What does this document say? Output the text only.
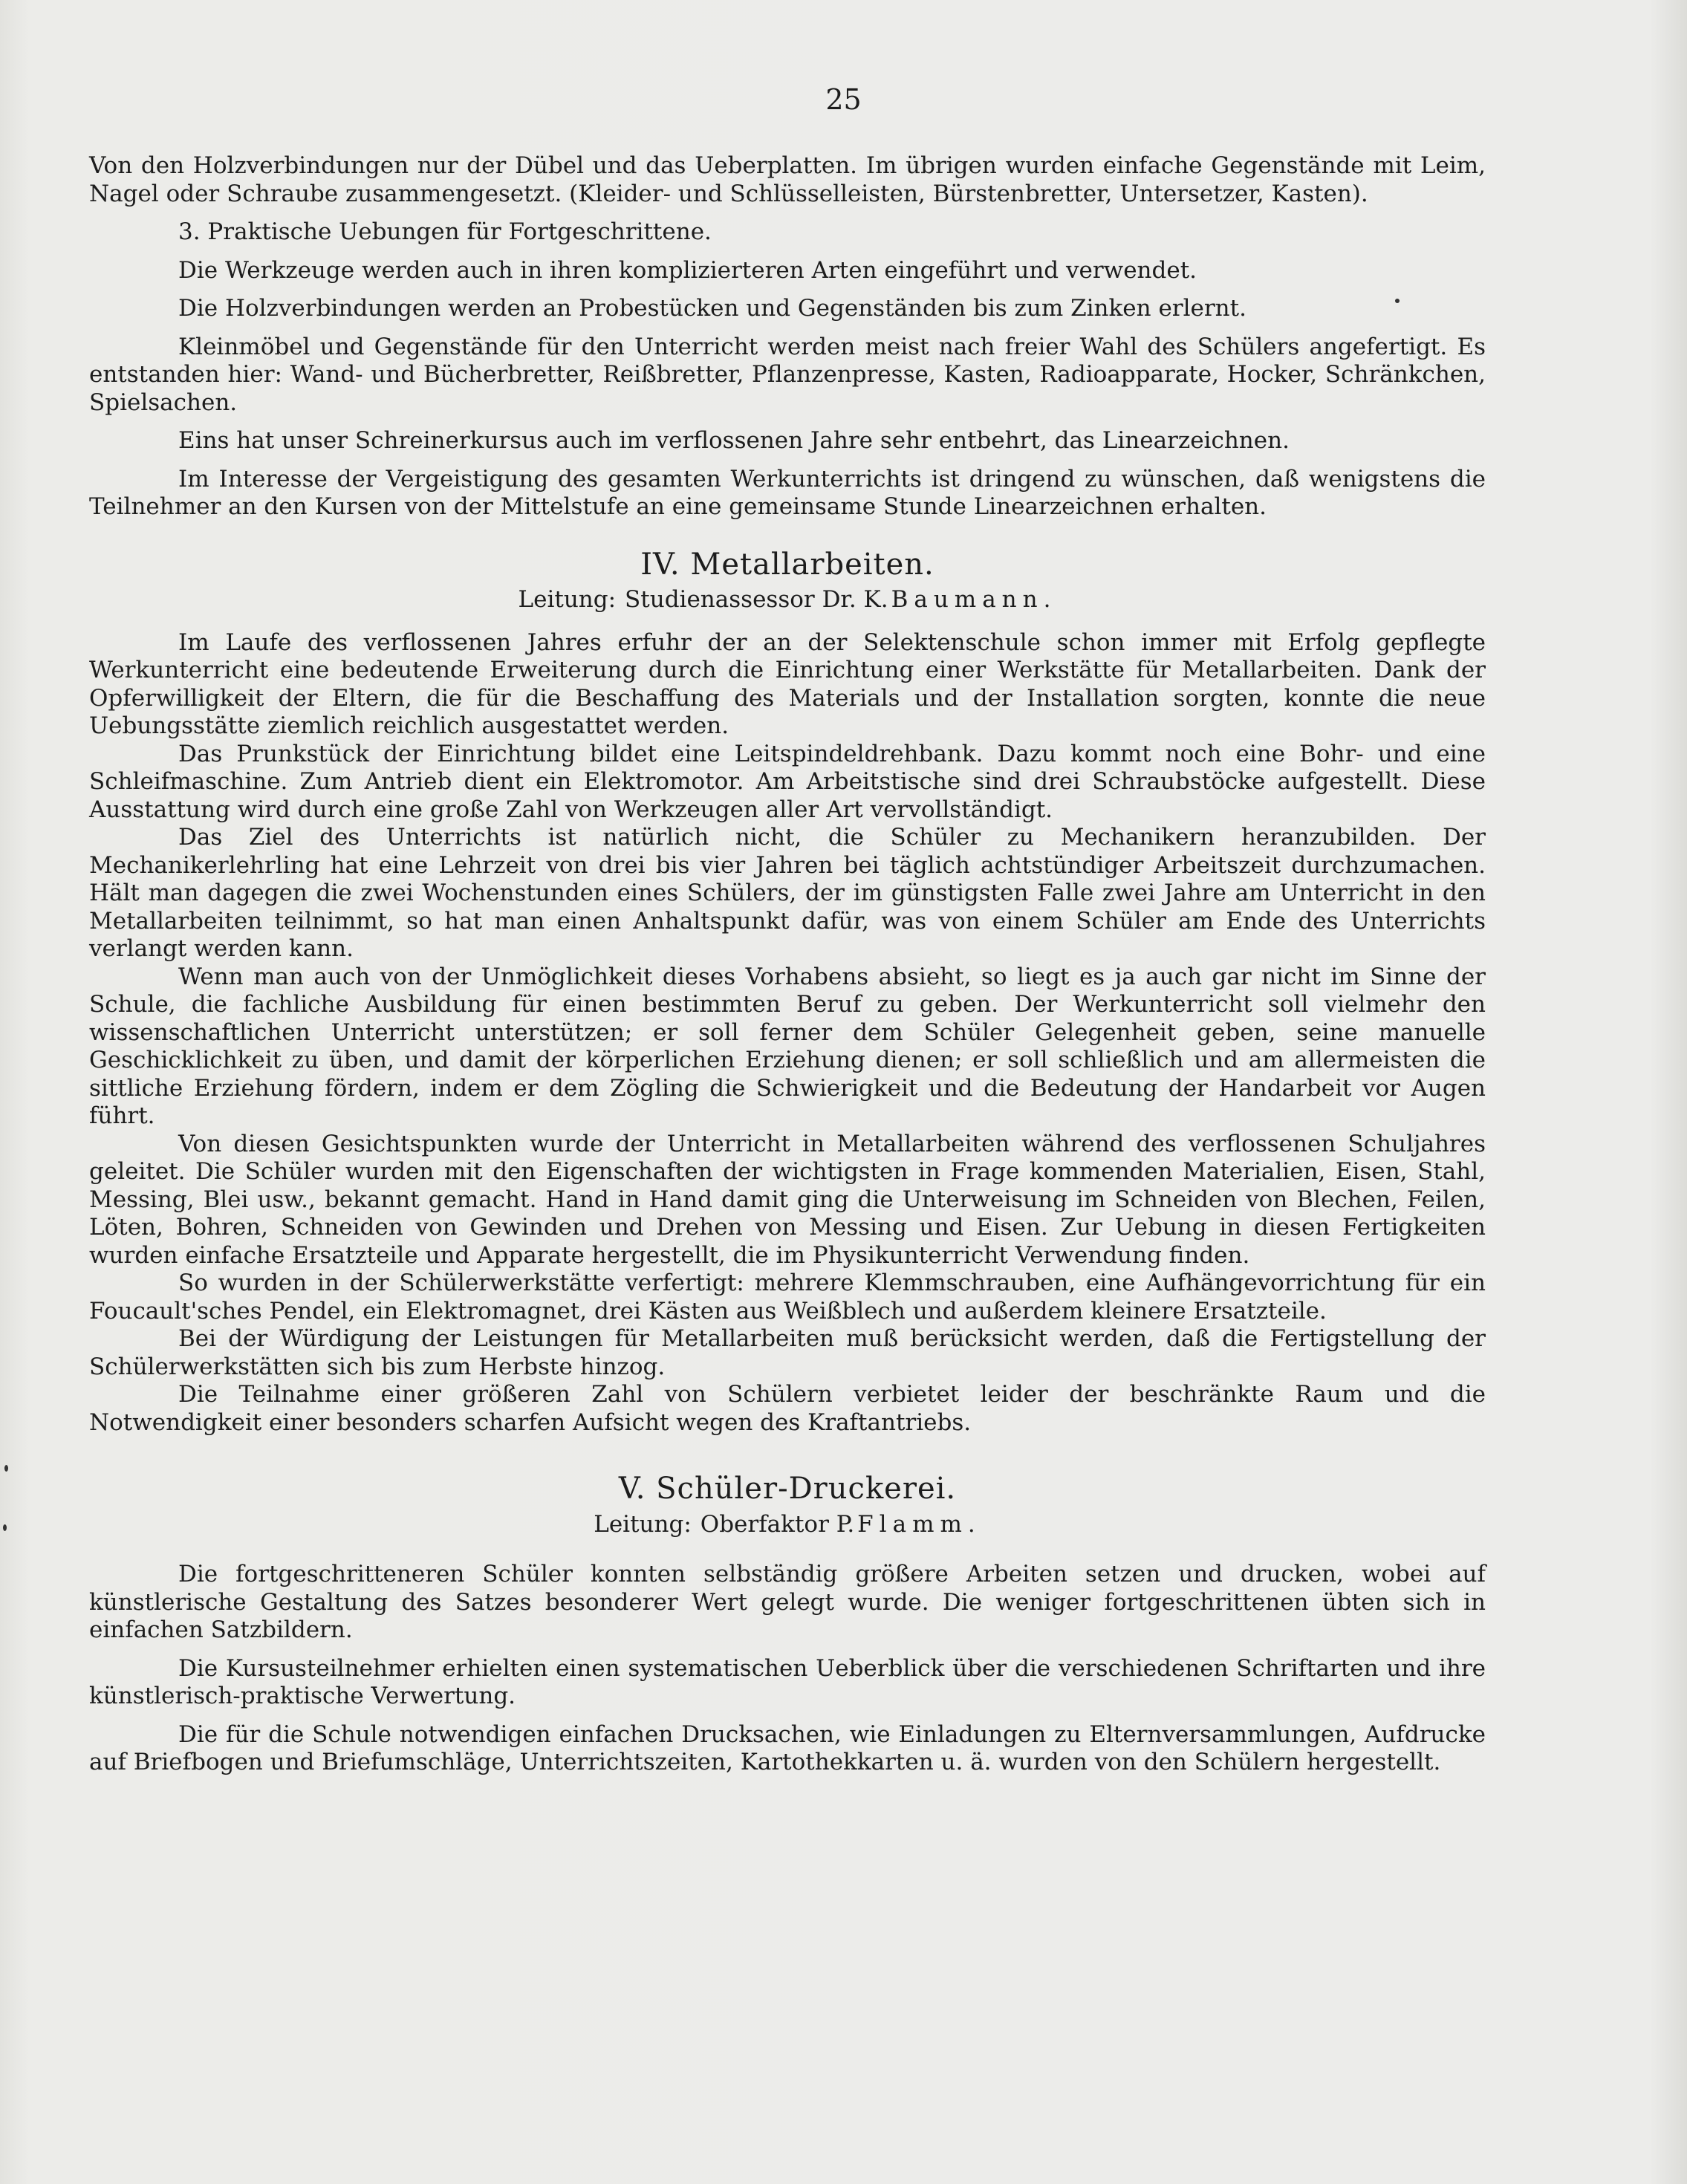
25

Von den Holzverbindungen nur der Dübel und das Ueberplatten. Im übrigen wurden einfache Gegenstände mit Leim, Nagel oder Schraube zusammengesetzt. (Kleider- und Schlüsselleisten, Bürstenbretter, Untersetzer, Kasten).

3. Praktische Uebungen für Fortgeschrittene.

Die Werkzeuge werden auch in ihren komplizierteren Arten eingeführt und verwendet.

Die Holzverbindungen werden an Probestücken und Gegenständen bis zum Zinken erlernt.

Kleinmöbel und Gegenstände für den Unterricht werden meist nach freier Wahl des Schülers angefertigt. Es entstanden hier: Wand- und Bücherbretter, Reißbretter, Pflanzenpresse, Kasten, Radioapparate, Hocker, Schränkchen, Spielsachen.

Eins hat unser Schreinerkursus auch im verflossenen Jahre sehr entbehrt, das Linearzeichnen.

Im Interesse der Vergeistigung des gesamten Werkunterrichts ist dringend zu wünschen, daß wenigstens die Teilnehmer an den Kursen von der Mittelstufe an eine gemeinsame Stunde Linearzeichnen erhalten.

IV. Metallarbeiten.
Leitung: Studienassessor Dr. K. Baumann.

Im Laufe des verflossenen Jahres erfuhr der an der Selektenschule schon immer mit Erfolg gepflegte Werkunterricht eine bedeutende Erweiterung durch die Einrichtung einer Werkstätte für Metallarbeiten. Dank der Opferwilligkeit der Eltern, die für die Beschaffung des Materials und der Installation sorgten, konnte die neue Uebungsstätte ziemlich reichlich ausgestattet werden.

Das Prunkstück der Einrichtung bildet eine Leitspindeldrehbank. Dazu kommt noch eine Bohr- und eine Schleifmaschine. Zum Antrieb dient ein Elektromotor. Am Arbeitstische sind drei Schraubstöcke aufgestellt. Diese Ausstattung wird durch eine große Zahl von Werkzeugen aller Art vervollständigt.

Das Ziel des Unterrichts ist natürlich nicht, die Schüler zu Mechanikern heranzubilden. Der Mechanikerlehrling hat eine Lehrzeit von drei bis vier Jahren bei täglich achtstündiger Arbeitszeit durchzumachen. Hält man dagegen die zwei Wochenstunden eines Schülers, der im günstigsten Falle zwei Jahre am Unterricht in den Metallarbeiten teilnimmt, so hat man einen Anhaltspunkt dafür, was von einem Schüler am Ende des Unterrichts verlangt werden kann.

Wenn man auch von der Unmöglichkeit dieses Vorhabens absieht, so liegt es ja auch gar nicht im Sinne der Schule, die fachliche Ausbildung für einen bestimmten Beruf zu geben. Der Werkunterricht soll vielmehr den wissenschaftlichen Unterricht unterstützen; er soll ferner dem Schüler Gelegenheit geben, seine manuelle Geschicklichkeit zu üben, und damit der körperlichen Erziehung dienen; er soll schließlich und am allermeisten die sittliche Erziehung fördern, indem er dem Zögling die Schwierigkeit und die Bedeutung der Handarbeit vor Augen führt.

Von diesen Gesichtspunkten wurde der Unterricht in Metallarbeiten während des verflossenen Schuljahres geleitet. Die Schüler wurden mit den Eigenschaften der wichtigsten in Frage kommenden Materialien, Eisen, Stahl, Messing, Blei usw., bekannt gemacht. Hand in Hand damit ging die Unterweisung im Schneiden von Blechen, Feilen, Löten, Bohren, Schneiden von Gewinden und Drehen von Messing und Eisen. Zur Uebung in diesen Fertigkeiten wurden einfache Ersatzteile und Apparate hergestellt, die im Physikunterricht Verwendung finden.

So wurden in der Schülerwerkstätte verfertigt: mehrere Klemmschrauben, eine Aufhängevorrichtung für ein Foucault'sches Pendel, ein Elektromagnet, drei Kästen aus Weißblech und außerdem kleinere Ersatzteile.

Bei der Würdigung der Leistungen für Metallarbeiten muß berücksicht werden, daß die Fertigstellung der Schülerwerkstätten sich bis zum Herbste hinzog.

Die Teilnahme einer größeren Zahl von Schülern verbietet leider der beschränkte Raum und die Notwendigkeit einer besonders scharfen Aufsicht wegen des Kraftantriebs.

V. Schüler-Druckerei.
Leitung: Oberfaktor P. Flamm.

Die fortgeschritteneren Schüler konnten selbständig größere Arbeiten setzen und drucken, wobei auf künstlerische Gestaltung des Satzes besonderer Wert gelegt wurde. Die weniger fortgeschrittenen übten sich in einfachen Satzbildern.

Die Kursusteilnehmer erhielten einen systematischen Ueberblick über die verschiedenen Schriftarten und ihre künstlerisch-praktische Verwertung.

Die für die Schule notwendigen einfachen Drucksachen, wie Einladungen zu Elternversammlungen, Aufdrucke auf Briefbogen und Briefumschläge, Unterrichtszeiten, Kartothekkarten u. ä. wurden von den Schülern hergestellt.
